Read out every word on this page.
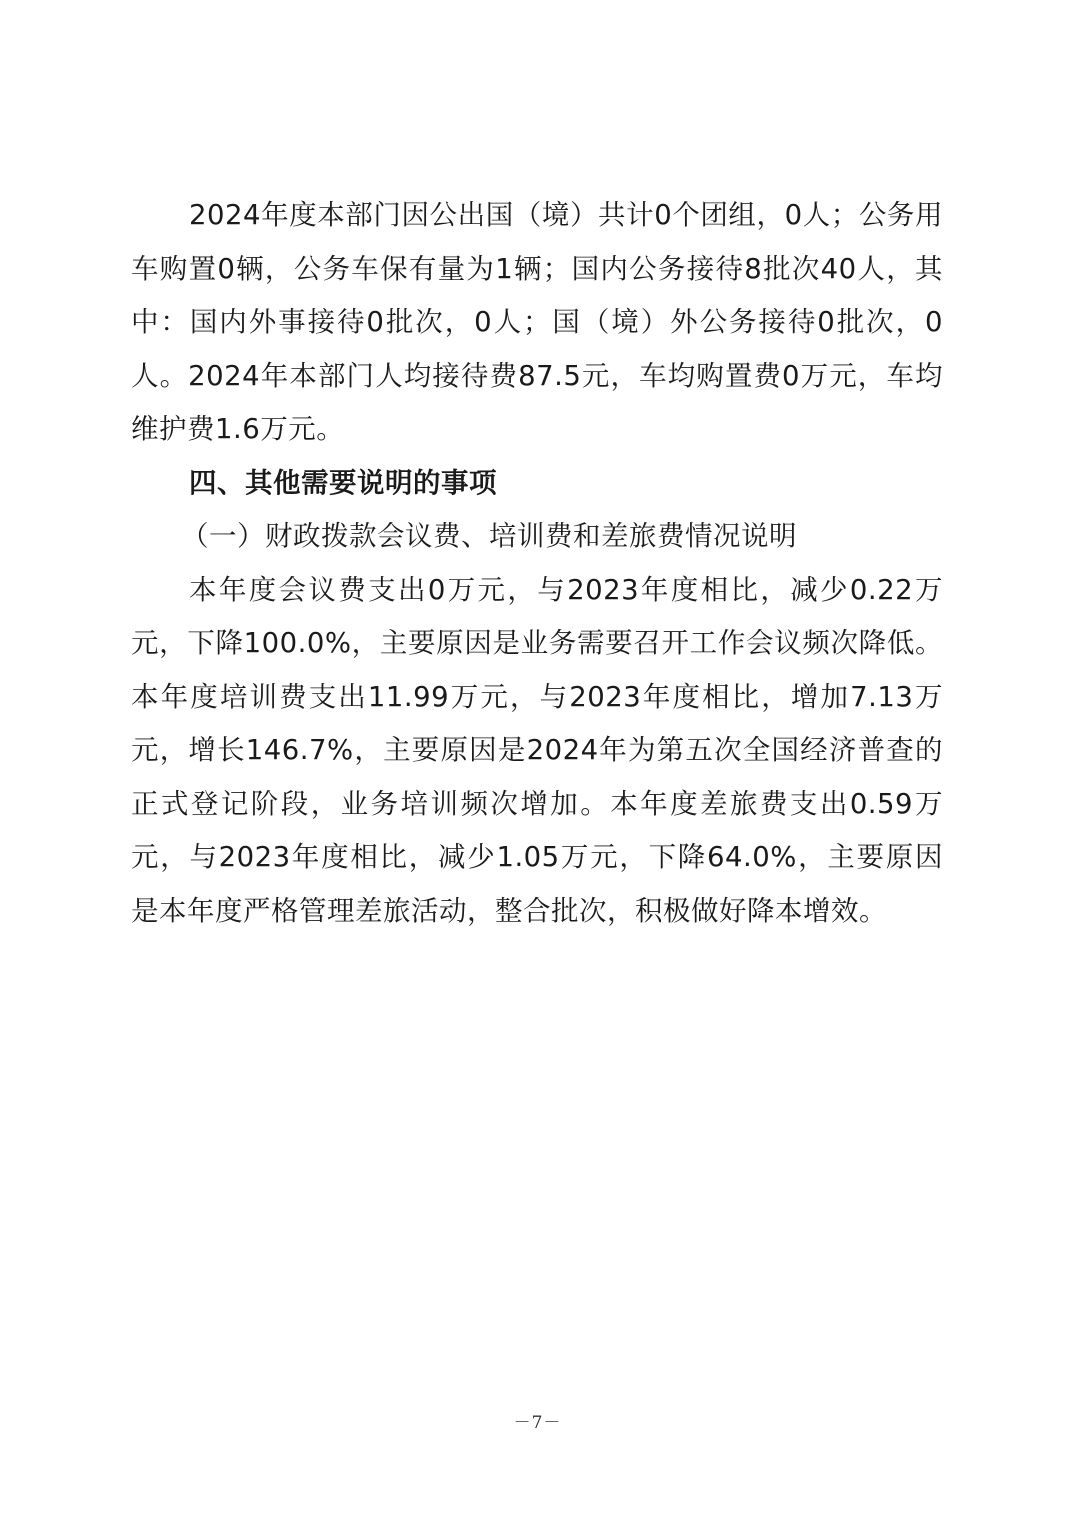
2024年度本部门因公出国（境）共计0个团组，0人；公务用车购置0辆，公务车保有量为1辆；国内公务接待8批次40人，其中：国内外事接待0批次，0人；国（境）外公务接待0批次，0人。2024年本部门人均接待费87.5元，车均购置费0万元，车均维护费1.6万元。

四、其他需要说明的事项

（一）财政拨款会议费、培训费和差旅费情况说明

本年度会议费支出0万元，与2023年度相比，减少0.22万元，下降100.0%，主要原因是业务需要召开工作会议频次降低。本年度培训费支出11.99万元，与2023年度相比，增加7.13万元，增长146.7%，主要原因是2024年为第五次全国经济普查的正式登记阶段，业务培训频次增加。本年度差旅费支出0.59万元，与2023年度相比，减少1.05万元，下降64.0%，主要原因是本年度严格管理差旅活动，整合批次，积极做好降本增效。

－7－
